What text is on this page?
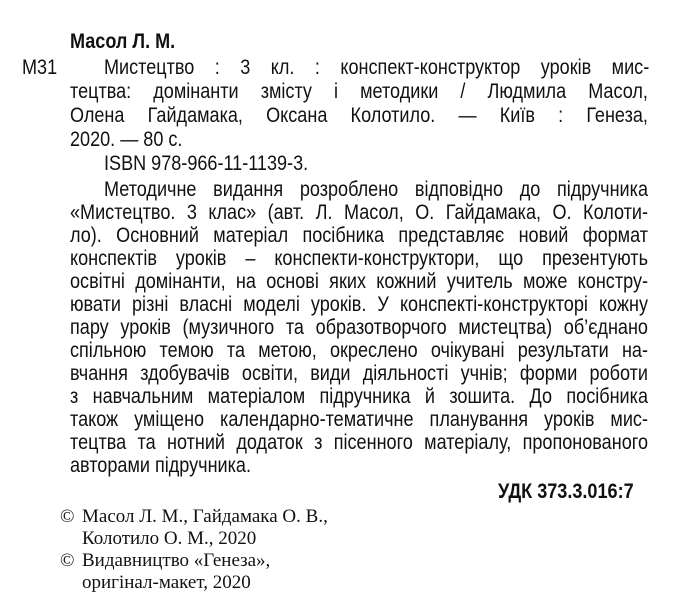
Масол Л. М.
М31 Мистецтво : 3 кл. : конспект-конструктор уроків мис-
тецтва: домінанти змісту і методики / Людмила Масол,
Олена Гайдамака, Оксана Колотило. — Київ : Генеза,
2020. — 80 с.
ISBN 978-966-11-1139-3.
Методичне видання розроблено відповідно до підручника
«Мистецтво. 3 клас» (авт. Л. Масол, О. Гайдамака, О. Колоти-
ло). Основний матеріал посібника представляє новий формат
конспектів уроків – конспекти-конструктори, що презентують
освітні домінанти, на основі яких кожний учитель може констру-
ювати різні власні моделі уроків. У конспекті-конструкторі кожну
пару уроків (музичного та образотворчого мистецтва) об’єднано
спільною темою та метою, окреслено очікувані результати на-
вчання здобувачів освіти, види діяльності учнів; форми роботи
з навчальним матеріалом підручника й зошита. До посібника
також уміщено календарно-тематичне планування уроків мис-
тецтва та нотний додаток з пісенного матеріалу, пропонованого
авторами підручника.
УДК 373.3.016:7
© Масол Л. М., Гайдамака О. В.,
Колотило О. М., 2020
© Видавництво «Генеза»,
оригінал-макет, 2020
